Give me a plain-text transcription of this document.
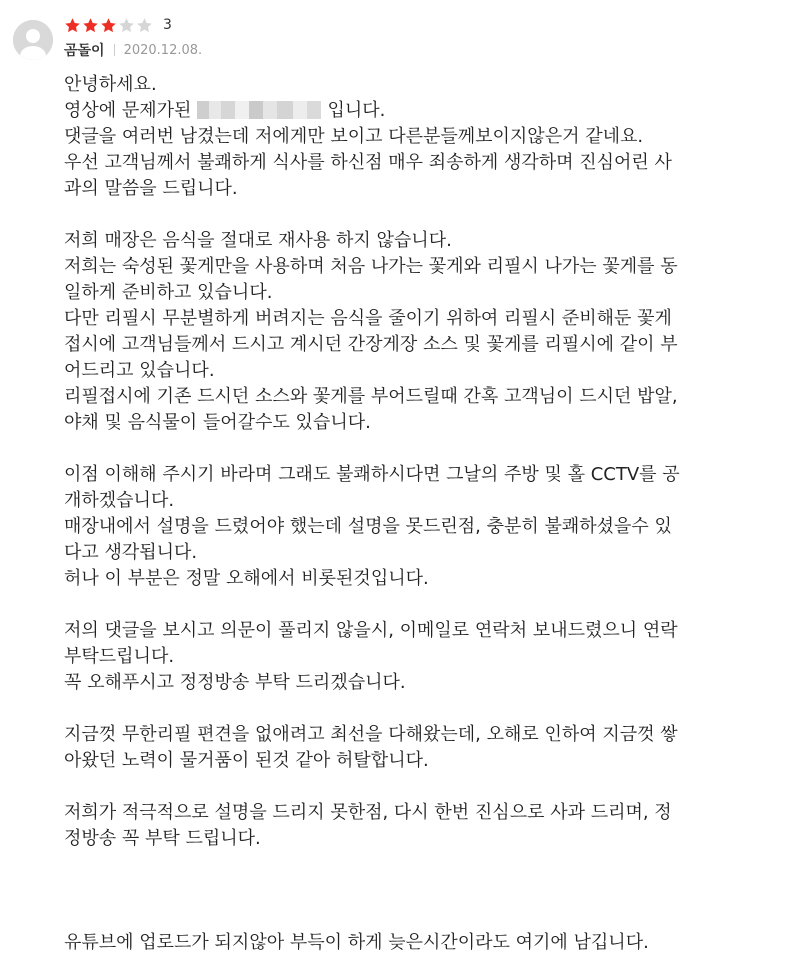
3
곰돌이 2020.12.08.

안녕하세요.

영상에 문제가된	입니다.

댓글을 여러번 남겼는데 저에게만 보이고 다른분들께보이지않은거 같네요.

우선 고객님께서 불쾌하게 식사를 하신점 매우 죄송하게 생각하며 진심어린 사

과의 말씀을 드립니다.

저희 매장은 음식을 절대로 재사용 하지 않습니다.

저희는 숙성된 꽃게만을 사용하며 처음 나가는 꽃게와 리필시 나가는 꽃게를 동

일하게 준비하고 있습니다.

다만 리필시 무분별하게 버려지는 음식을 줄이기 위하여 리필시 준비해둔 꽃게

접시에 고객님들께서 드시고 계시던 간장게장 소스 및 꽃게를 리필시에 같이 부

어드리고 있습니다.

리필접시에 기존 드시던 소스와 꽃게를 부어드릴때 간혹 고객님이 드시던 밥알,

야채 및 음식물이 들어갈수도 있습니다.

이점 이해해 주시기 바라며 그래도 불쾌하시다면 그날의 주방 및 홀 CCTV를 공

개하겠습니다.

매장내에서 설명을 드렸어야 했는데 설명을 못드린점, 충분히 불쾌하셨을수 있

다고 생각됩니다.

허나 이 부분은 정말 오해에서 비롯된것입니다.

저의 댓글을 보시고 의문이 풀리지 않을시, 이메일로 연락처 보내드렸으니 연락

부탁드립니다.

꼭 오해푸시고 정정방송 부탁 드리겠습니다.

지금껏 무한리필 편견을 없애려고 최선을 다해왔는데, 오해로 인하여 지금껏 쌓

아왔던 노력이 물거품이 된것 같아 허탈합니다.

저희가 적극적으로 설명을 드리지 못한점, 다시 한번 진심으로 사과 드리며, 정

정방송 꼭 부탁 드립니다.

유튜브에 업로드가 되지않아 부득이 하게 늦은시간이라도 여기에 남깁니다.
